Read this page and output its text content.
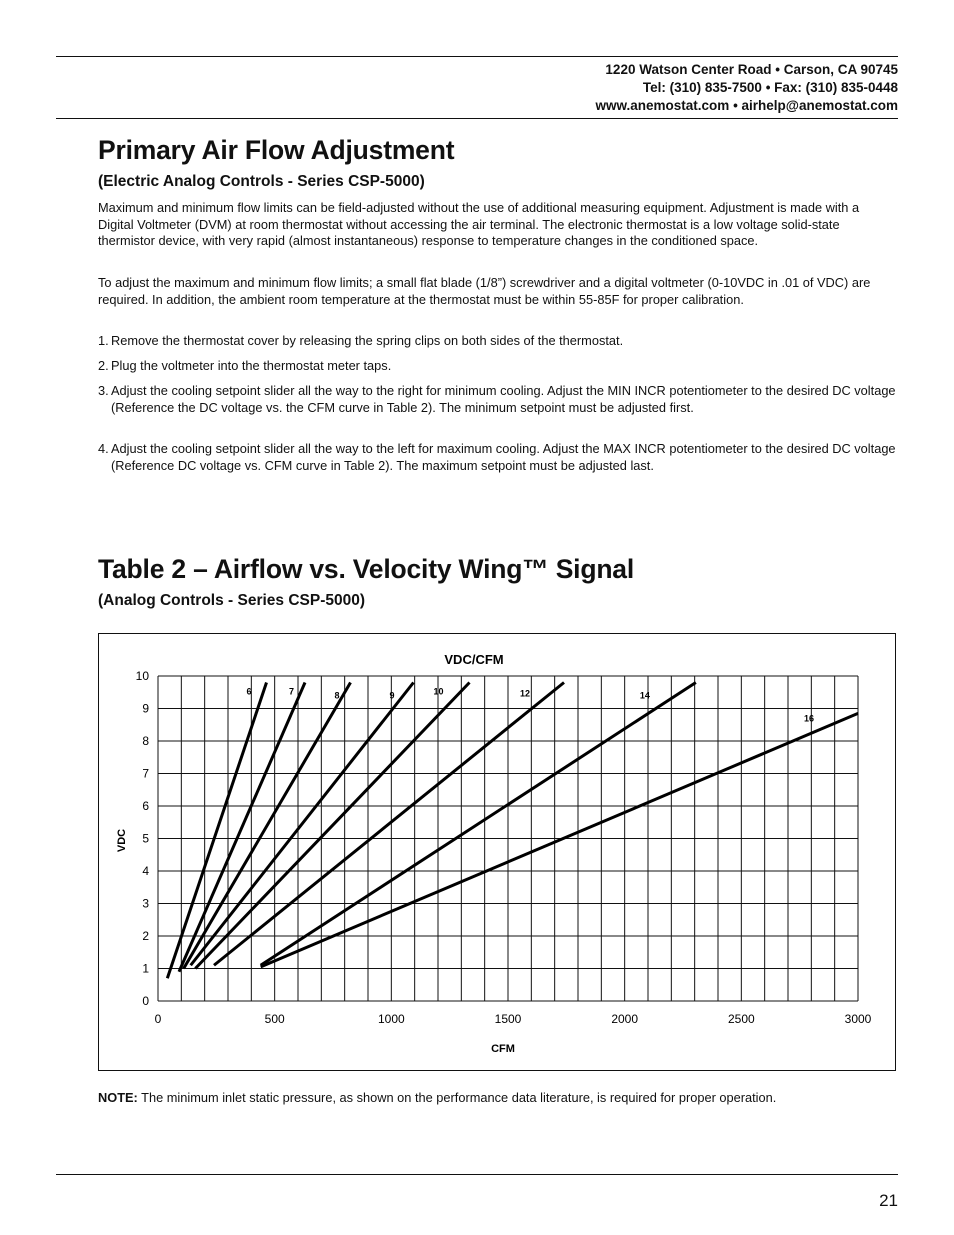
1220 Watson Center Road • Carson, CA 90745
Tel: (310) 835-7500 • Fax: (310) 835-0448
www.anemostat.com • airhelp@anemostat.com
Primary Air Flow Adjustment
(Electric Analog Controls - Series CSP-5000)

Maximum and minimum flow limits can be field-adjusted without the use of additional measuring equipment. Adjustment is made with a Digital Voltmeter (DVM) at room thermostat without accessing the air terminal. The electronic thermostat is a low voltage solid-state thermistor device, with very rapid (almost instantaneous) response to temperature changes in the conditioned space.

To adjust the maximum and minimum flow limits; a small flat blade (1/8”) screwdriver and a digital voltmeter (0-10VDC in .01 of VDC) are required. In addition, the ambient room temperature at the thermostat must be within 55-85F for proper calibration.

1. Remove the thermostat cover by releasing the spring clips on both sides of the thermostat.
2. Plug the voltmeter into the thermostat meter taps.
3. Adjust the cooling setpoint slider all the way to the right for minimum cooling. Adjust the MIN INCR potentiometer to the desired DC voltage (Reference the DC voltage vs. the CFM curve in Table 2). The minimum setpoint must be adjusted first.
4. Adjust the cooling setpoint slider all the way to the left for maximum cooling. Adjust the MAX INCR potentiometer to the desired DC voltage (Reference DC voltage vs. CFM curve in Table 2). The maximum setpoint must be adjusted last.
Table 2 – Airflow vs. Velocity Wing™ Signal
(Analog Controls - Series CSP-5000)
VDC/CFM
0
1
2
3
4
5
6
7
8
9
10
0	500	1000	1500	2000	2500	3000
CFM
VDC
6	7	8	9	10	12	14
16
NOTE: The minimum inlet static pressure, as shown on the performance data literature, is required for proper operation.
21
